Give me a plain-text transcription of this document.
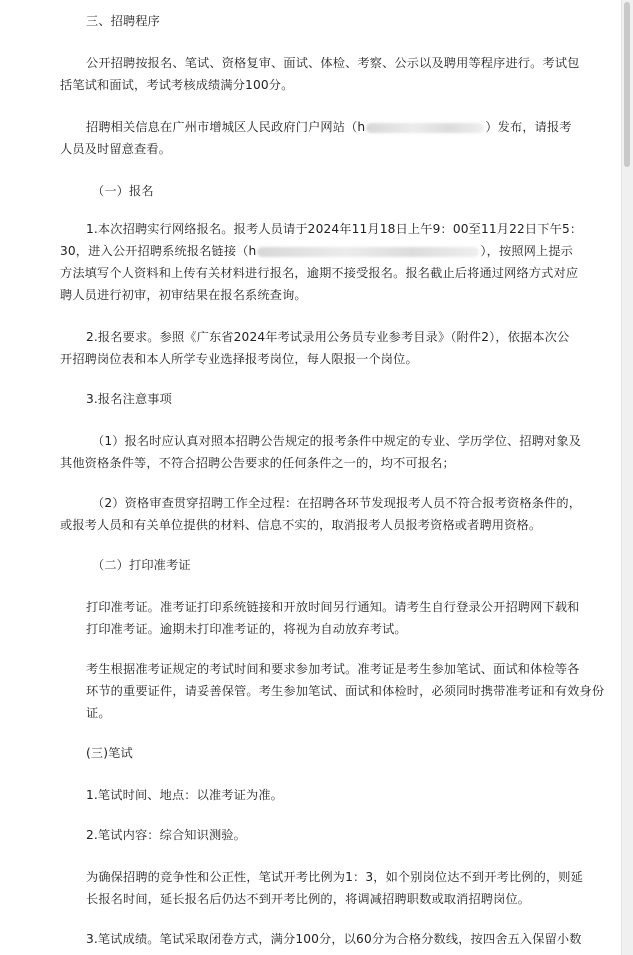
三、招聘程序
公开招聘按报名、笔试、资格复审、面试、体检、考察、公示以及聘用等程序进行。考试包
括笔试和面试，考试考核成绩满分100分。
招聘相关信息在广州市增城区人民政府门户网站（h	）发布，请报考
人员及时留意查看。
（一）报名
1.本次招聘实行网络报名。报考人员请于2024年11月18日上午9：00至11月22日下午5：
30，进入公开招聘系统报名链接（h	），按照网上提示
方法填写个人资料和上传有关材料进行报名，逾期不接受报名。报名截止后将通过网络方式对应
聘人员进行初审，初审结果在报名系统查询。
2.报名要求。参照《广东省2024年考试录用公务员专业参考目录》（附件2），依据本次公
开招聘岗位表和本人所学专业选择报考岗位，每人限报一个岗位。
3.报名注意事项
（1）报名时应认真对照本招聘公告规定的报考条件中规定的专业、学历学位、招聘对象及
其他资格条件等，不符合招聘公告要求的任何条件之一的，均不可报名；
（2）资格审查贯穿招聘工作全过程：在招聘各环节发现报考人员不符合报考资格条件的，
或报考人员和有关单位提供的材料、信息不实的，取消报考人员报考资格或者聘用资格。
（二）打印准考证
打印准考证。准考证打印系统链接和开放时间另行通知。请考生自行登录公开招聘网下载和
打印准考证。逾期未打印准考证的，将视为自动放弃考试。
考生根据准考证规定的考试时间和要求参加考试。准考证是考生参加笔试、面试和体检等各
环节的重要证件，请妥善保管。考生参加笔试、面试和体检时，必须同时携带准考证和有效身份
证。
(三)笔试
1.笔试时间、地点：以准考证为准。
2.笔试内容：综合知识测验。
为确保招聘的竞争性和公正性，笔试开考比例为1：3，如个别岗位达不到开考比例的，则延
长报名时间，延长报名后仍达不到开考比例的，将调减招聘职数或取消招聘岗位。
3.笔试成绩。笔试采取闭卷方式，满分100分，以60分为合格分数线，按四舍五入保留小数
